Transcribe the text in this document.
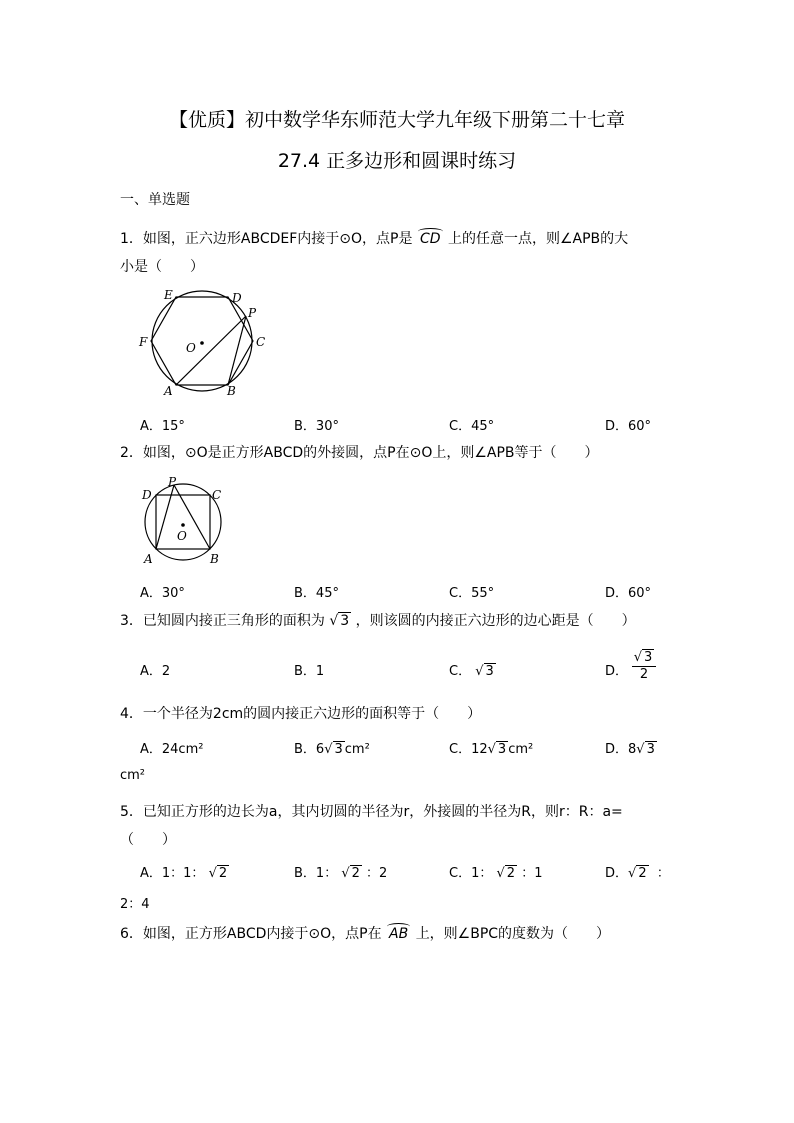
【优质】初中数学华东师范大学九年级下册第二十七章
27.4 正多边形和圆课时练习
一、单选题
1．如图，正六边形ABCDEF内接于⊙O，点P是 CD 上的任意一点，则∠APB的大
小是（　　）
E	D
P
F	O	C
A	B
A．15°	B．30°	C．45°	D．60°
2．如图，⊙O是正方形ABCD的外接圆，点P在⊙O上，则∠APB等于（　　）
D
P
C
O
A	B
A．30°	B．45°	C．55°	D．60°
3．已知圆内接正三角形的面积为 √ 3 ，则该圆的内接正六边形的边心距是（　　）
A．2	B．1	C． √ 3	D． $\frac{√ 3}{2}$
4．一个半径为2cm的圆内接正六边形的面积等于（　　）
A．24cm²	B．6√ 3 cm²	C．12√ 3 cm²	D．8√ 3
cm²
5．已知正方形的边长为a，其内切圆的半径为r，外接圆的半径为R，则r：R：a=
（　　）
A．1：1： √ 2	B．1： √ 2 ：2	C．1： √ 2 ：1	D．√ 2 ：
2：4
6．如图，正方形ABCD内接于⊙O，点P在 AB 上，则∠BPC的度数为（　　）
